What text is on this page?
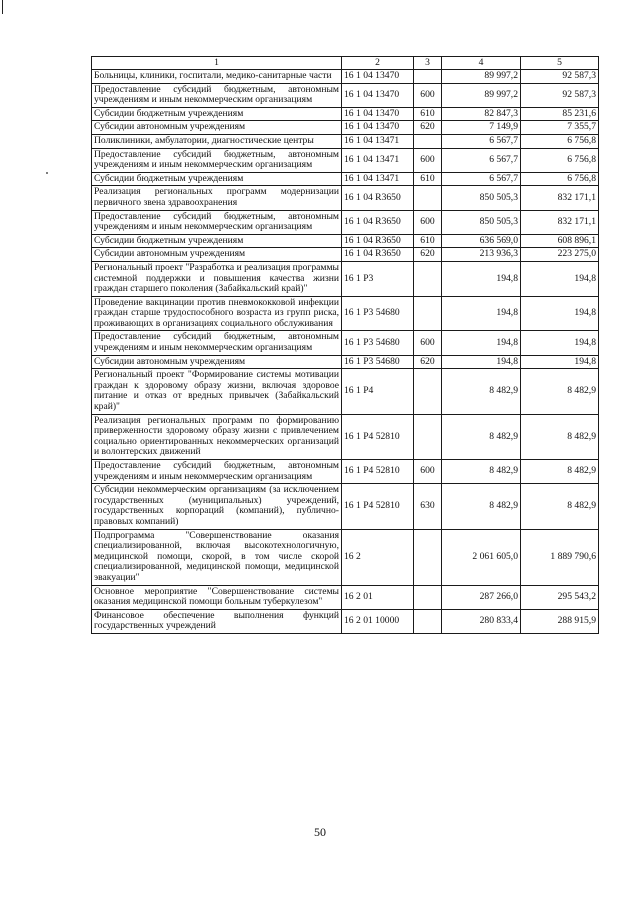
1	2	3	4	5
Больницы, клиники, госпитали, медико-санитарные части	16 1 04 13470		89 997,2	92 587,3
Предоставление субсидий бюджетным, автономным учреждениям и иным некоммерческим организациям	16 1 04 13470	600	89 997,2	92 587,3
Субсидии бюджетным учреждениям	16 1 04 13470	610	82 847,3	85 231,6
Субсидии автономным учреждениям	16 1 04 13470	620	7 149,9	7 355,7
Поликлиники, амбулатории, диагностические центры	16 1 04 13471		6 567,7	6 756,8
Предоставление субсидий бюджетным, автономным учреждениям и иным некоммерческим организациям	16 1 04 13471	600	6 567,7	6 756,8
Субсидии бюджетным учреждениям	16 1 04 13471	610	6 567,7	6 756,8
Реализация региональных программ модернизации первичного звена здравоохранения	16 1 04 R3650		850 505,3	832 171,1
Предоставление субсидий бюджетным, автономным учреждениям и иным некоммерческим организациям	16 1 04 R3650	600	850 505,3	832 171,1
Субсидии бюджетным учреждениям	16 1 04 R3650	610	636 569,0	608 896,1
Субсидии автономным учреждениям	16 1 04 R3650	620	213 936,3	223 275,0
Региональный проект "Разработка и реализация программы системной поддержки и повышения качества жизни граждан старшего поколения (Забайкальский край)"	16 1 P3		194,8	194,8
Проведение вакцинации против пневмококковой инфекции граждан старше трудоспособного возраста из групп риска, проживающих в организациях социального обслуживания	16 1 P3 54680		194,8	194,8
Предоставление субсидий бюджетным, автономным учреждениям и иным некоммерческим организациям	16 1 P3 54680	600	194,8	194,8
Субсидии автономным учреждениям	16 1 P3 54680	620	194,8	194,8
Региональный проект "Формирование системы мотивации граждан к здоровому образу жизни, включая здоровое питание и отказ от вредных привычек (Забайкальский край)"	16 1 P4		8 482,9	8 482,9
Реализация региональных программ по формированию приверженности здоровому образу жизни с привлечением социально ориентированных некоммерческих организаций и волонтерских движений	16 1 P4 52810		8 482,9	8 482,9
Предоставление субсидий бюджетным, автономным учреждениям и иным некоммерческим организациям	16 1 P4 52810	600	8 482,9	8 482,9
Субсидии некоммерческим организациям (за исключением государственных (муниципальных) учреждений, государственных корпораций (компаний), публично-правовых компаний)	16 1 P4 52810	630	8 482,9	8 482,9
Подпрограмма "Совершенствование оказания специализированной, включая высокотехнологичную, медицинской помощи, скорой, в том числе скорой специализированной, медицинской помощи, медицинской эвакуации"	16 2		2 061 605,0	1 889 790,6
Основное мероприятие "Совершенствование системы оказания медицинской помощи больным туберкулезом"	16 2 01		287 266,0	295 543,2
Финансовое обеспечение выполнения функций государственных учреждений	16 2 01 10000		280 833,4	288 915,9
50
